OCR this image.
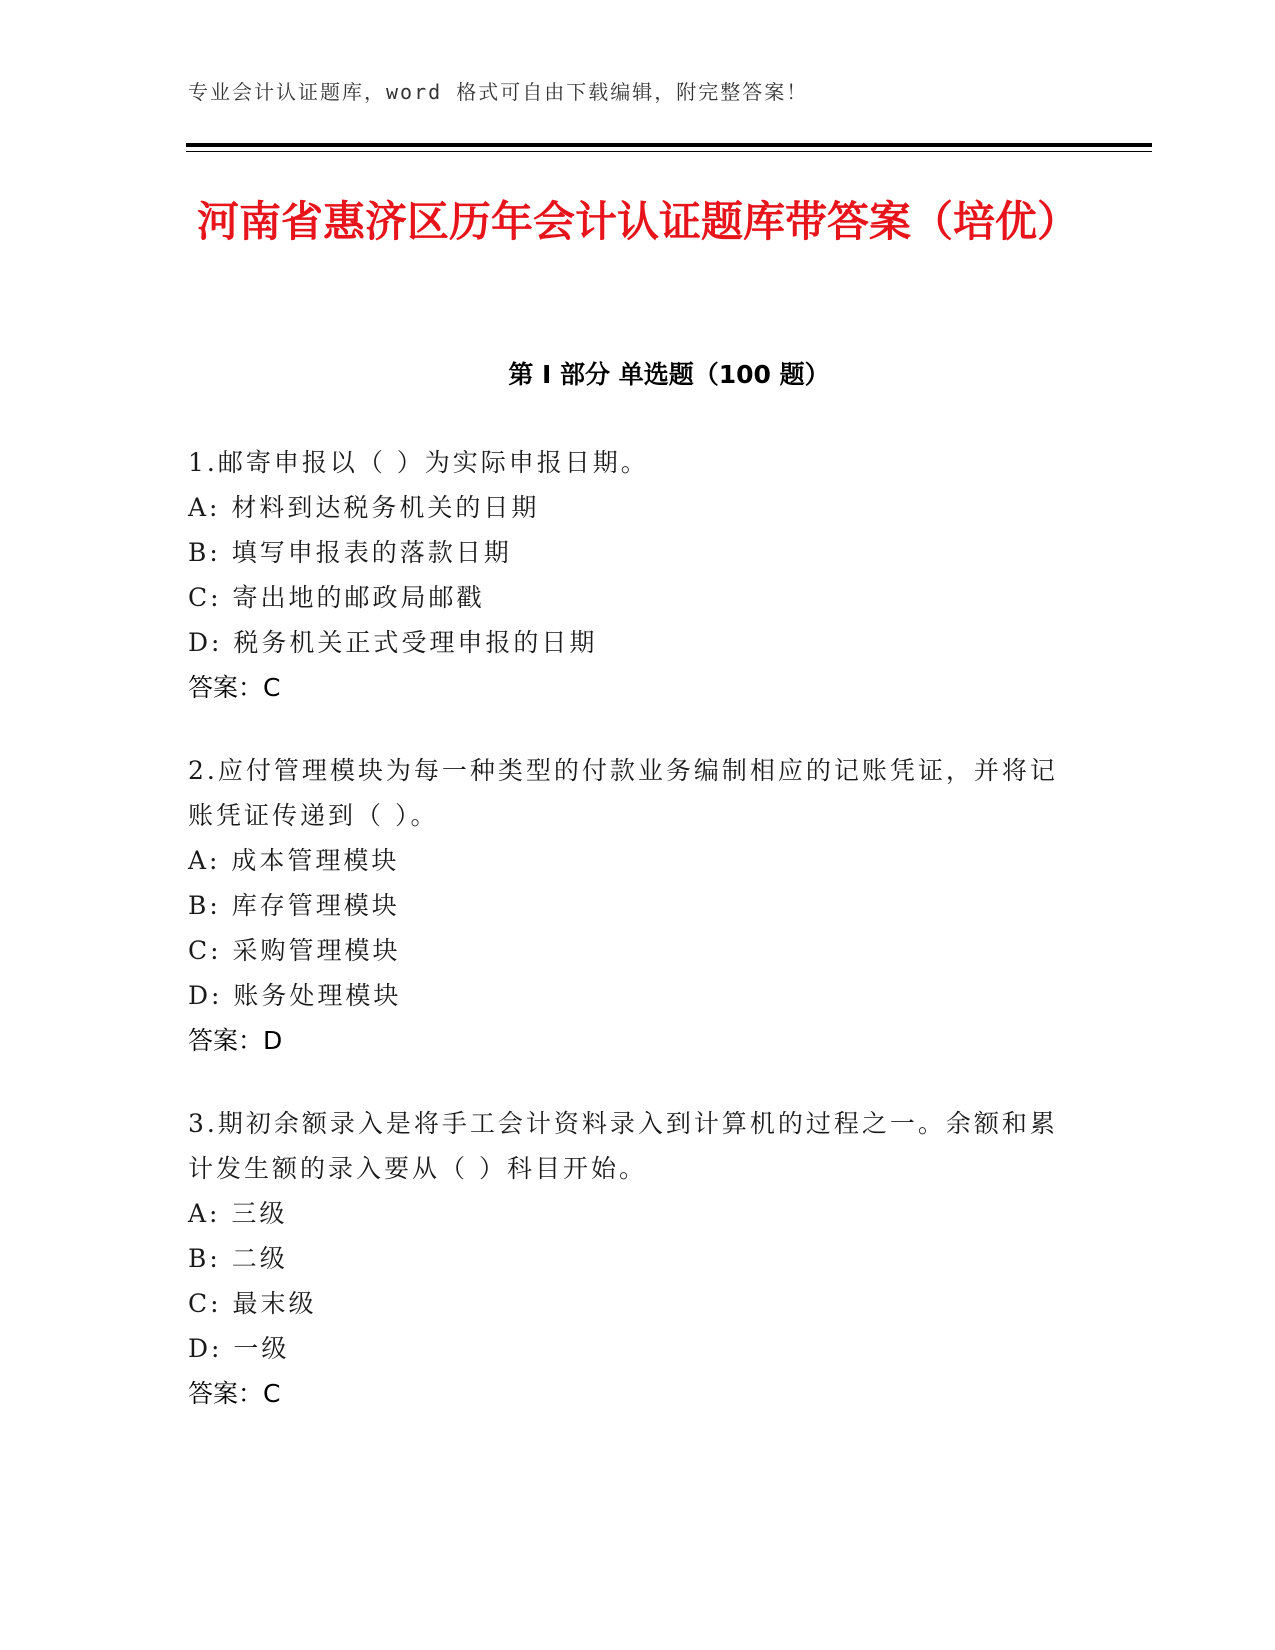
专业会计认证题库，word 格式可自由下载编辑，附完整答案！
河南省惠济区历年会计认证题库带答案（培优）
第 I 部分 单选题（100 题）
1.邮寄申报以（ ）为实际申报日期。
A: 材料到达税务机关的日期
B: 填写申报表的落款日期
C: 寄出地的邮政局邮戳
D: 税务机关正式受理申报的日期
答案：C
2.应付管理模块为每一种类型的付款业务编制相应的记账凭证，并将记账凭证传递到（ ）。
A: 成本管理模块
B: 库存管理模块
C: 采购管理模块
D: 账务处理模块
答案：D
3.期初余额录入是将手工会计资料录入到计算机的过程之一。余额和累计发生额的录入要从（ ）科目开始。
A: 三级
B: 二级
C: 最末级
D: 一级
答案：C
